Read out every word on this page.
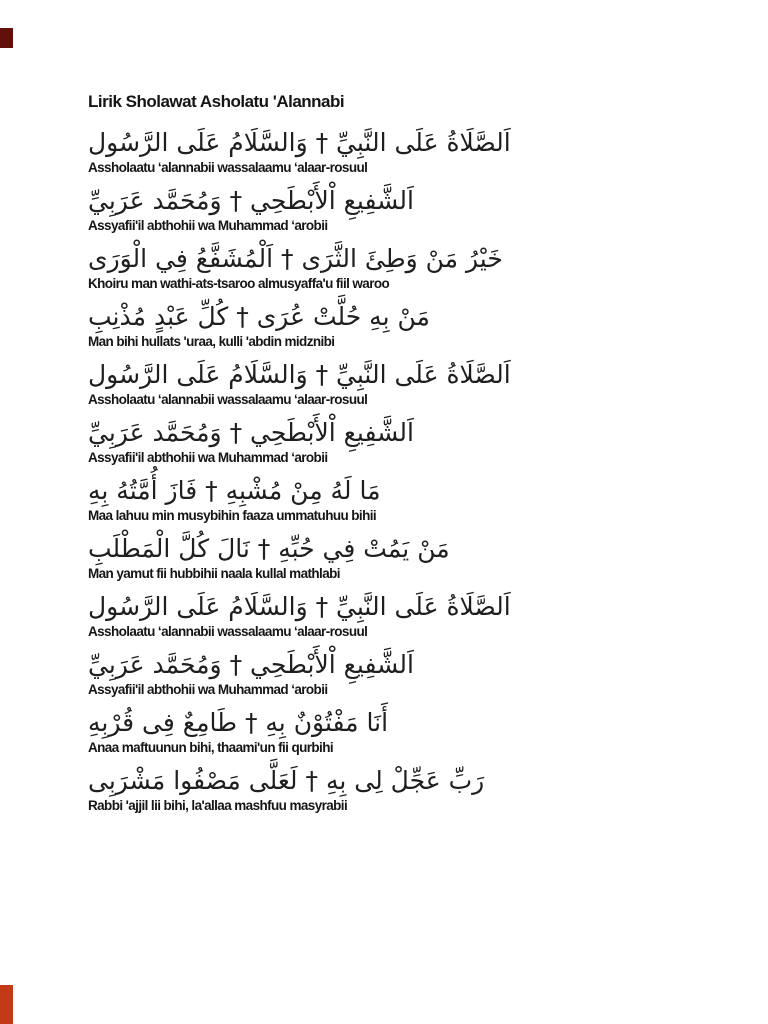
Lirik Sholawat Asholatu 'Alannabi
اَلصَّلَاةُ عَلَى النَّبِيِّ † وَالسَّلَامُ عَلَى الرَّسُول
Assholaatu ‘alannabii wassalaamu ‘alaar-rosuul
اَلشَّفِيعِ اْلأَبْطَحِي † وَمُحَمَّد عَرَبِيِّ
Assyafii'il abthohii wa Muhammad ‘arobii
خَيْرُ مَنْ وَطِئَ الثَّرَى † اَلْمُشَفَّعُ فِي الْوَرَى
Khoiru man wathi-ats-tsaroo almusyaffa'u fiil waroo
مَنْ بِهِ حُلَّتْ عُرَى † كُلِّ عَبْدٍ مُذْنِبِ
Man bihi hullats 'uraa, kulli 'abdin midznibi
اَلصَّلَاةُ عَلَى النَّبِيِّ † وَالسَّلَامُ عَلَى الرَّسُول
Assholaatu ‘alannabii wassalaamu ‘alaar-rosuul
اَلشَّفِيعِ اْلأَبْطَحِي † وَمُحَمَّد عَرَبِيِّ
Assyafii'il abthohii wa Muhammad ‘arobii
مَا لَهُ مِنْ مُشْبِهِ † فَازَ أُمَّتُهُ بِهِ
Maa lahuu min musybihin faaza ummatuhuu bihii
مَنْ يَمُتْ فِي حُبِّهِ † نَالَ كُلَّ الْمَطْلَبِ
Man yamut fii hubbihii naala kullal mathlabi
اَلصَّلَاةُ عَلَى النَّبِيِّ † وَالسَّلَامُ عَلَى الرَّسُول
Assholaatu ‘alannabii wassalaamu ‘alaar-rosuul
اَلشَّفِيعِ اْلأَبْطَحِي † وَمُحَمَّد عَرَبِيِّ
Assyafii'il abthohii wa Muhammad ‘arobii
أَنَا مَفْتُوْنٌ بِهِ † طَامِعٌ فِى قُرْبِهِ
Anaa maftuunun bihi, thaami'un fii qurbihi
رَبِّ عَجِّلْ لِى بِهِ † لَعَلَّى مَصْفُوا مَشْرَبِى
Rabbi 'ajjil lii bihi, la'allaa mashfuu masyrabii
